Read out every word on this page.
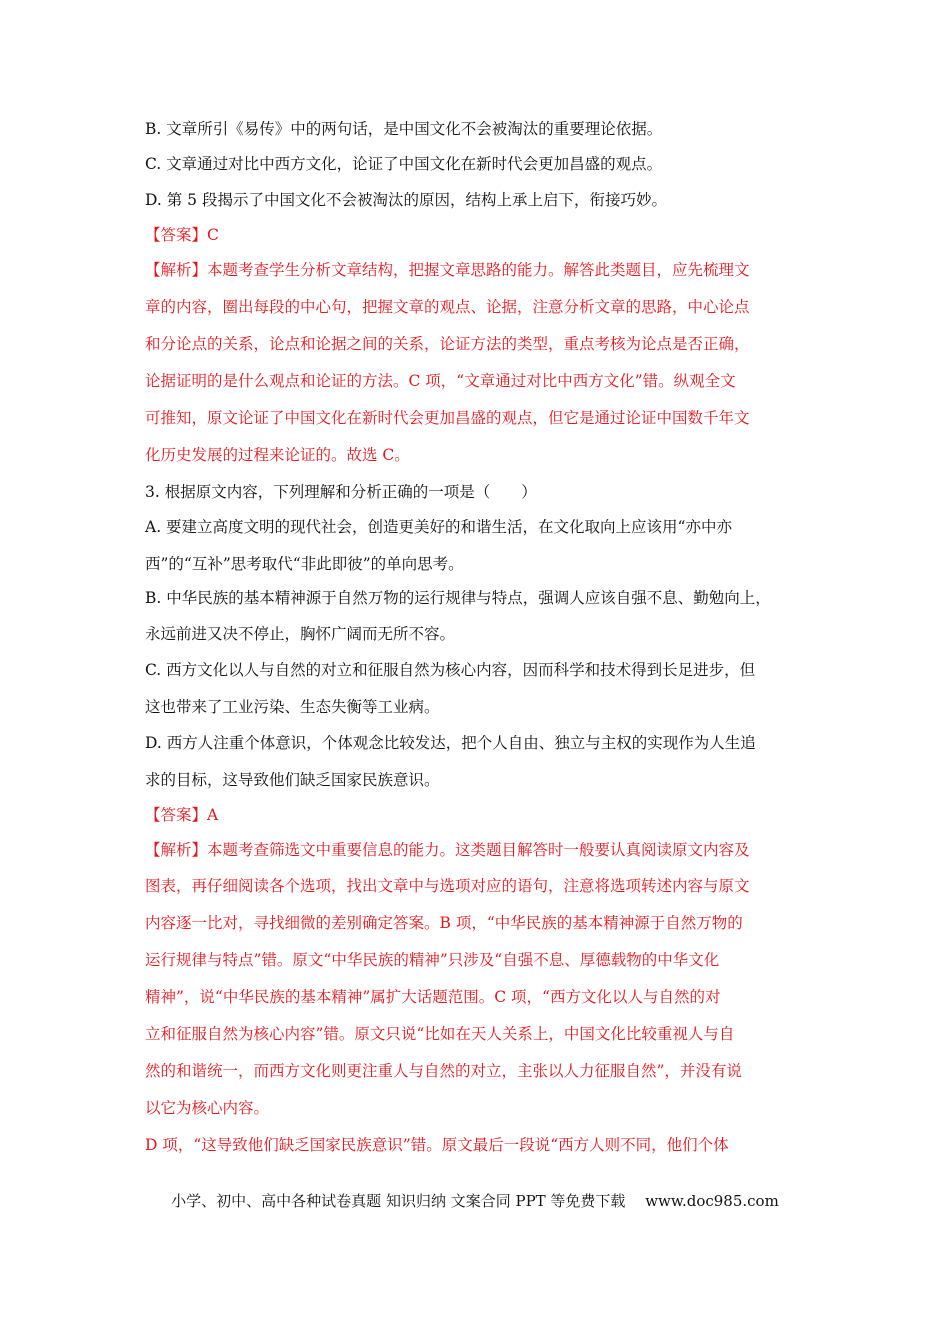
B. 文章所引《易传》中的两句话，是中国文化不会被淘汰的重要理论依据。
C. 文章通过对比中西方文化，论证了中国文化在新时代会更加昌盛的观点。
D. 第 5 段揭示了中国文化不会被淘汰的原因，结构上承上启下，衔接巧妙。
【答案】C
【解析】本题考查学生分析文章结构，把握文章思路的能力。解答此类题目，应先梳理文
章的内容，圈出每段的中心句，把握文章的观点、论据，注意分析文章的思路，中心论点
和分论点的关系，论点和论据之间的关系，论证方法的类型，重点考核为论点是否正确，
论据证明的是什么观点和论证的方法。C 项，“文章通过对比中西方文化”错。纵观全文
可推知，原文论证了中国文化在新时代会更加昌盛的观点，但它是通过论证中国数千年文
化历史发展的过程来论证的。故选 C。
3. 根据原文内容，下列理解和分析正确的一项是（　　）
A. 要建立高度文明的现代社会，创造更美好的和谐生活，在文化取向上应该用“亦中亦
西”的“互补”思考取代“非此即彼”的单向思考。
B. 中华民族的基本精神源于自然万物的运行规律与特点，强调人应该自强不息、勤勉向上，
永远前进又决不停止，胸怀广阔而无所不容。
C. 西方文化以人与自然的对立和征服自然为核心内容，因而科学和技术得到长足进步，但
这也带来了工业污染、生态失衡等工业病。
D. 西方人注重个体意识，个体观念比较发达，把个人自由、独立与主权的实现作为人生追
求的目标，这导致他们缺乏国家民族意识。
【答案】A
【解析】本题考查筛选文中重要信息的能力。这类题目解答时一般要认真阅读原文内容及
图表，再仔细阅读各个选项，找出文章中与选项对应的语句，注意将选项转述内容与原文
内容逐一比对，寻找细微的差别确定答案。B 项，“中华民族的基本精神源于自然万物的
运行规律与特点”错。原文“中华民族的精神”只涉及“自强不息、厚德载物的中华文化
精神”，说“中华民族的基本精神”属扩大话题范围。C 项，“西方文化以人与自然的对
立和征服自然为核心内容”错。原文只说“比如在天人关系上，中国文化比较重视人与自
然的和谐统一，而西方文化则更注重人与自然的对立，主张以人力征服自然”，并没有说
以它为核心内容。
D 项，“这导致他们缺乏国家民族意识”错。原文最后一段说“西方人则不同，他们个体
小学、初中、高中各种试卷真题 知识归纳 文案合同 PPT 等免费下载　 www.doc985.com
